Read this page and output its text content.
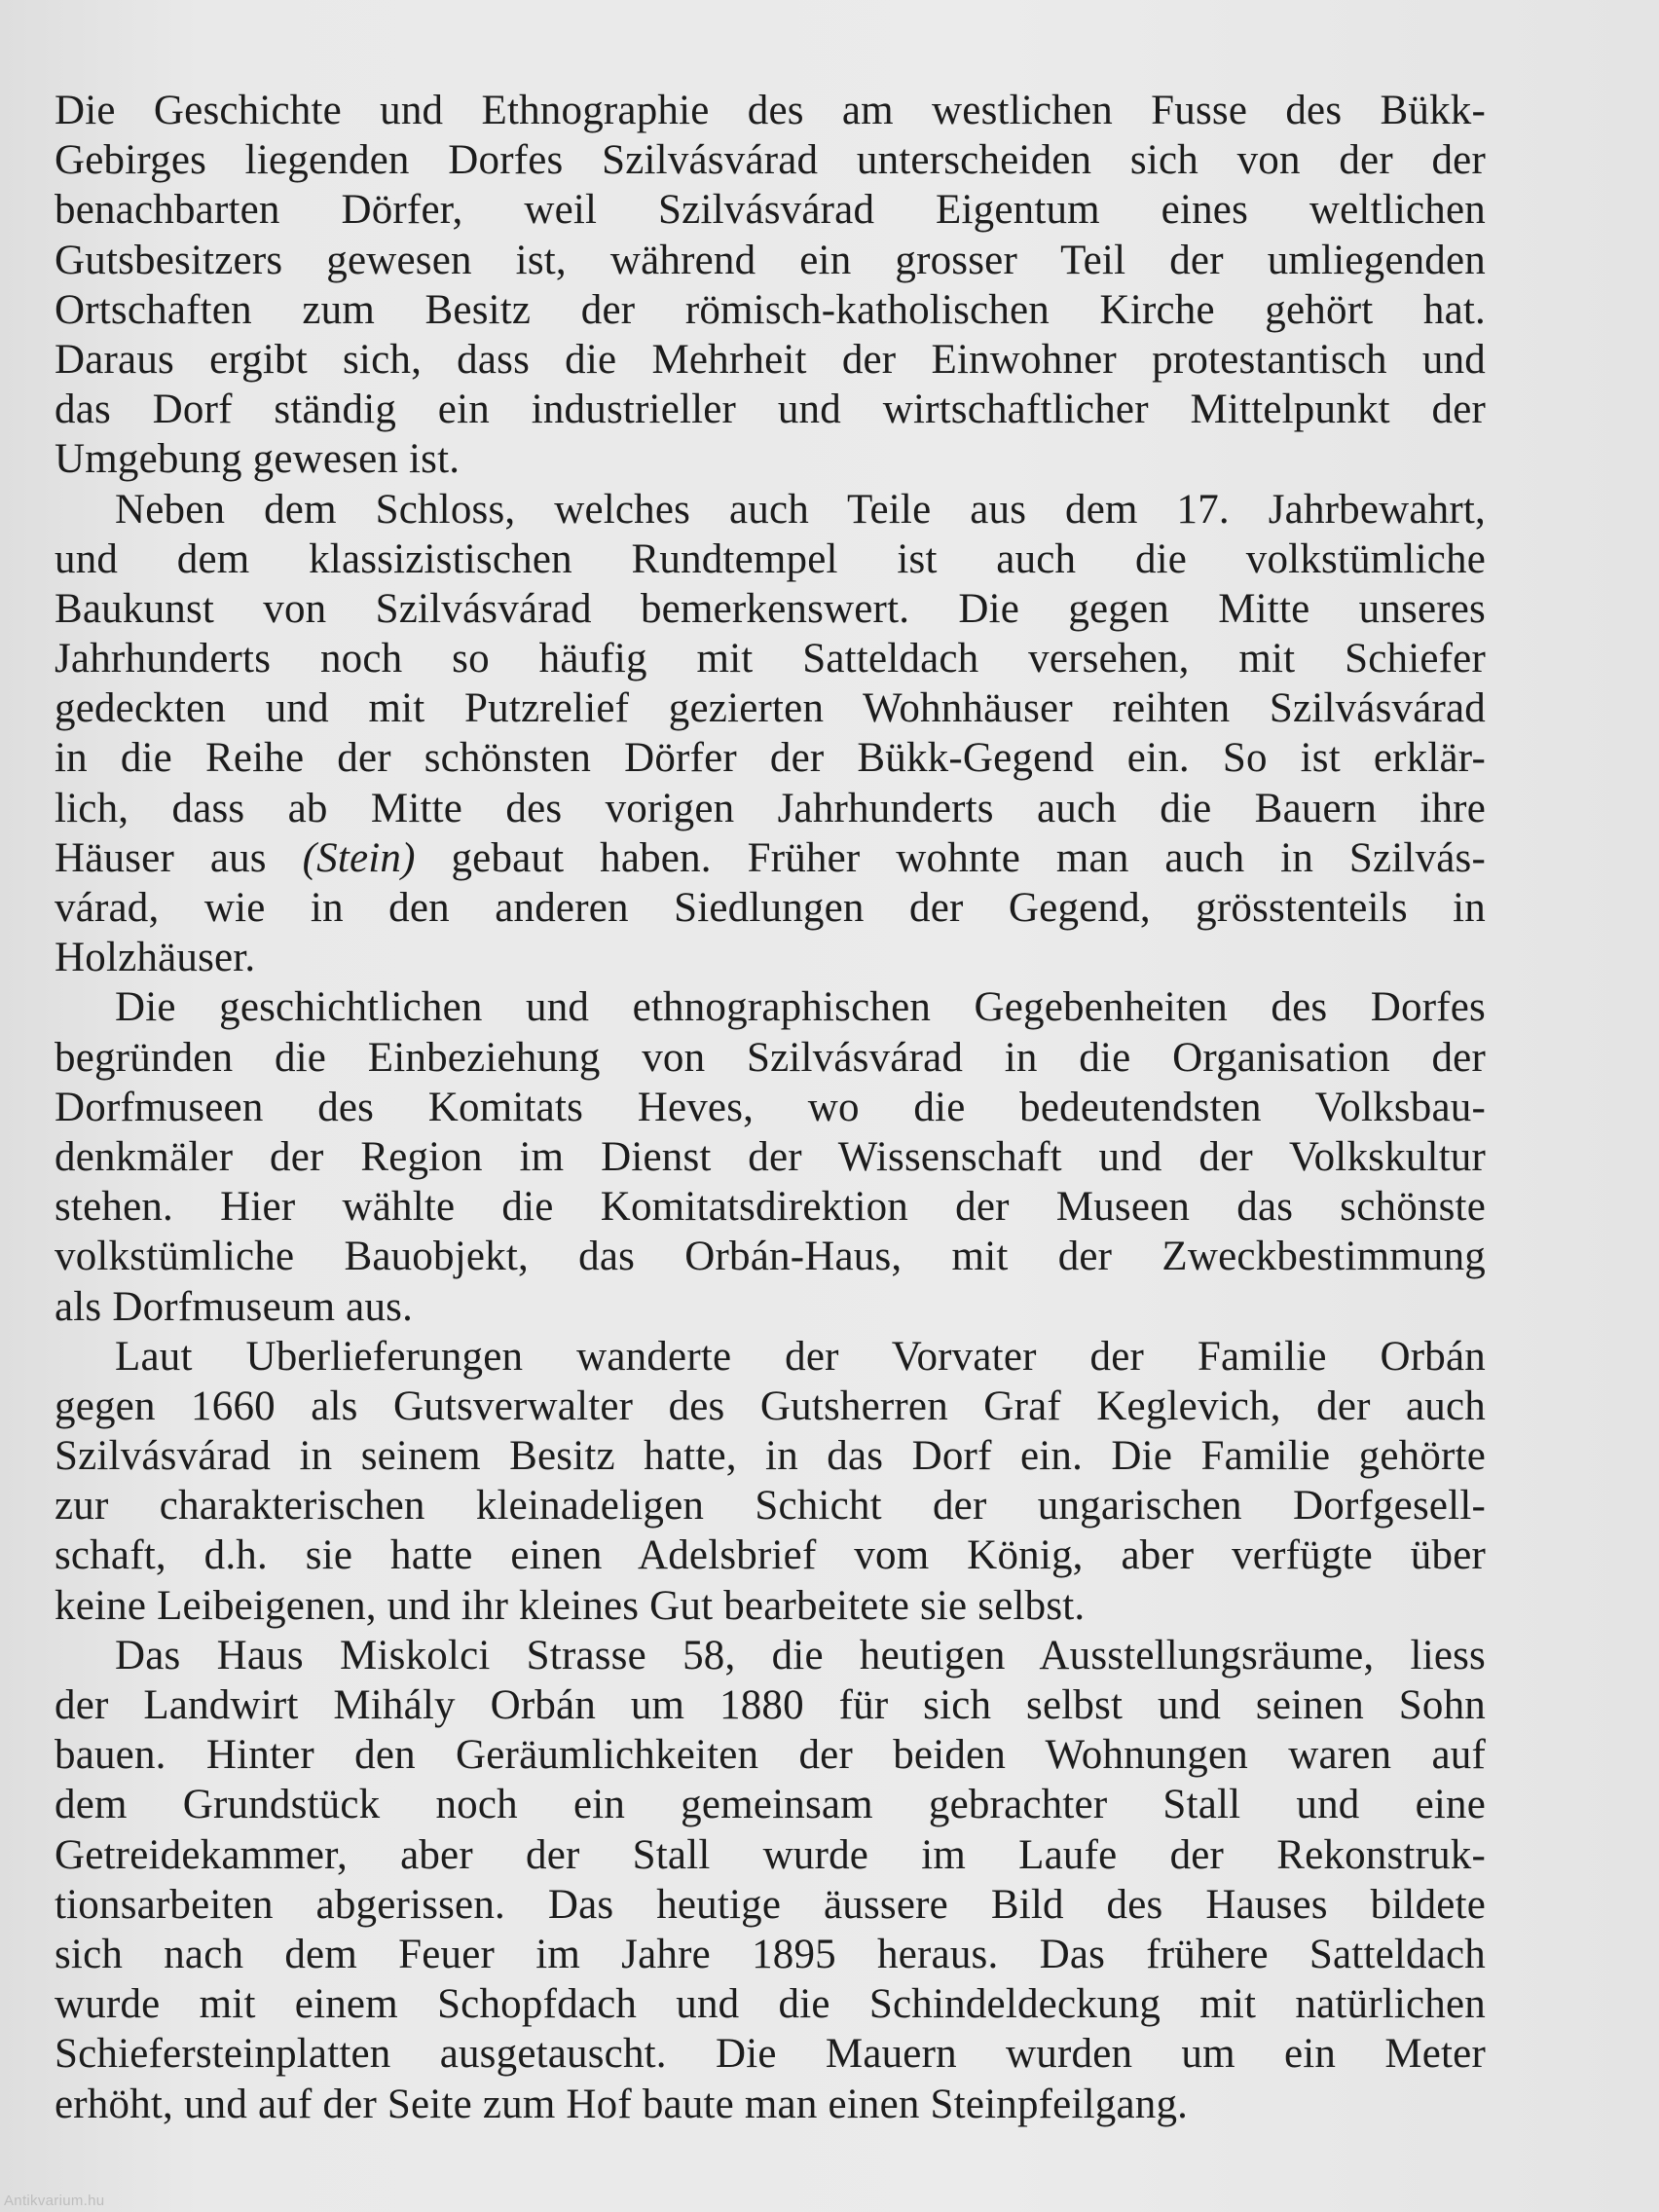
Die Geschichte und Ethnographie des am westlichen Fusse des Bükk-
Gebirges liegenden Dorfes Szilvásvárad unterscheiden sich von der der
benachbarten Dörfer, weil Szilvásvárad Eigentum eines weltlichen
Gutsbesitzers gewesen ist, während ein grosser Teil der umliegenden
Ortschaften zum Besitz der römisch-katholischen Kirche gehört hat.
Daraus ergibt sich, dass die Mehrheit der Einwohner protestantisch und
das Dorf ständig ein industrieller und wirtschaftlicher Mittelpunkt der
Umgebung gewesen ist.
Neben dem Schloss, welches auch Teile aus dem 17. Jahrbewahrt,
und dem klassizistischen Rundtempel ist auch die volkstümliche
Baukunst von Szilvásvárad bemerkenswert. Die gegen Mitte unseres
Jahrhunderts noch so häufig mit Satteldach versehen, mit Schiefer
gedeckten und mit Putzrelief gezierten Wohnhäuser reihten Szilvásvárad
in die Reihe der schönsten Dörfer der Bükk-Gegend ein. So ist erklär-
lich, dass ab Mitte des vorigen Jahrhunderts auch die Bauern ihre
Häuser aus (Stein) gebaut haben. Früher wohnte man auch in Szilvás-
várad, wie in den anderen Siedlungen der Gegend, grösstenteils in
Holzhäuser.
Die geschichtlichen und ethnographischen Gegebenheiten des Dorfes
begründen die Einbeziehung von Szilvásvárad in die Organisation der
Dorfmuseen des Komitats Heves, wo die bedeutendsten Volksbau-
denkmäler der Region im Dienst der Wissenschaft und der Volkskultur
stehen. Hier wählte die Komitatsdirektion der Museen das schönste
volkstümliche Bauobjekt, das Orbán-Haus, mit der Zweckbestimmung
als Dorfmuseum aus.
Laut Uberlieferungen wanderte der Vorvater der Familie Orbán
gegen 1660 als Gutsverwalter des Gutsherren Graf Keglevich, der auch
Szilvásvárad in seinem Besitz hatte, in das Dorf ein. Die Familie gehörte
zur charakterischen kleinadeligen Schicht der ungarischen Dorfgesell-
schaft, d.h. sie hatte einen Adelsbrief vom König, aber verfügte über
keine Leibeigenen, und ihr kleines Gut bearbeitete sie selbst.
Das Haus Miskolci Strasse 58, die heutigen Ausstellungsräume, liess
der Landwirt Mihály Orbán um 1880 für sich selbst und seinen Sohn
bauen. Hinter den Geräumlichkeiten der beiden Wohnungen waren auf
dem Grundstück noch ein gemeinsam gebrachter Stall und eine
Getreidekammer, aber der Stall wurde im Laufe der Rekonstruk-
tionsarbeiten abgerissen. Das heutige äussere Bild des Hauses bildete
sich nach dem Feuer im Jahre 1895 heraus. Das frühere Satteldach
wurde mit einem Schopfdach und die Schindeldeckung mit natürlichen
Schiefersteinplatten ausgetauscht. Die Mauern wurden um ein Meter
erhöht, und auf der Seite zum Hof baute man einen Steinpfeilgang.
Antikvarium.hu
